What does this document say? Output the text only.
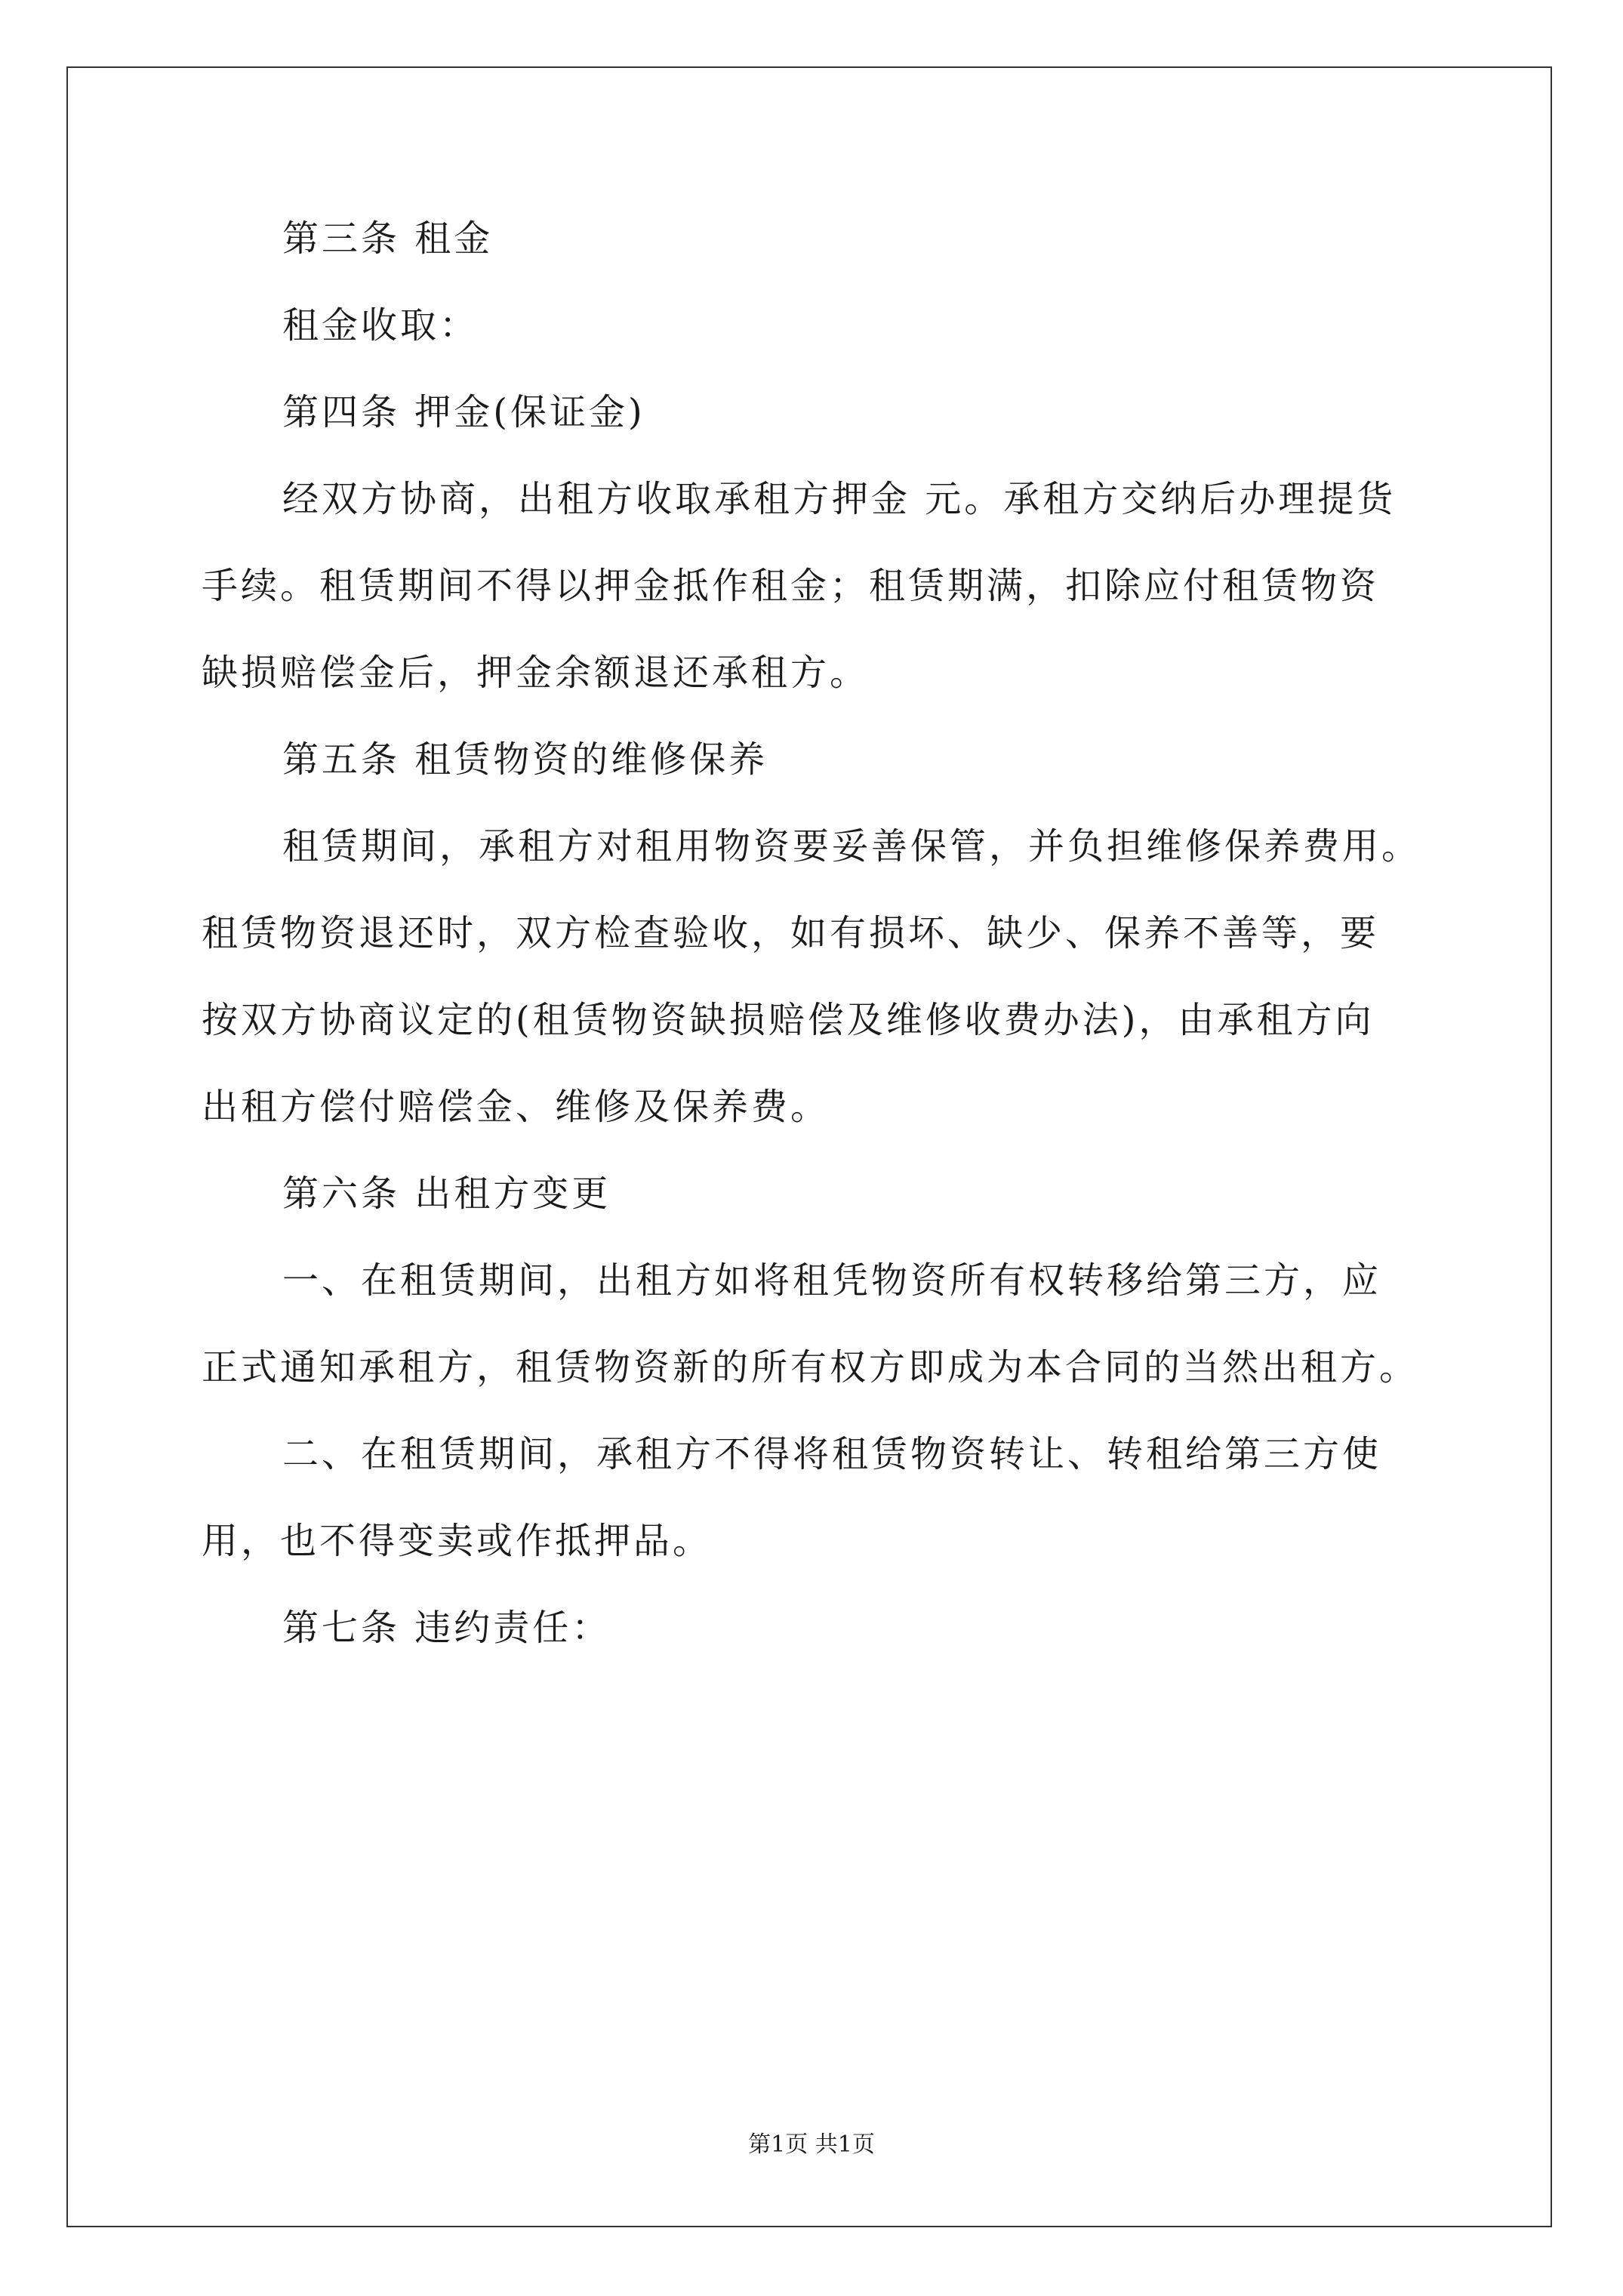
第三条 租金

租金收取：

第四条 押金(保证金)

经双方协商，出租方收取承租方押金 元。承租方交纳后办理提货

手续。租赁期间不得以押金抵作租金；租赁期满，扣除应付租赁物资

缺损赔偿金后，押金余额退还承租方。

第五条 租赁物资的维修保养

租赁期间，承租方对租用物资要妥善保管，并负担维修保养费用。

租赁物资退还时，双方检查验收，如有损坏、缺少、保养不善等，要

按双方协商议定的(租赁物资缺损赔偿及维修收费办法)，由承租方向

出租方偿付赔偿金、维修及保养费。

第六条 出租方变更

一、在租赁期间，出租方如将租凭物资所有权转移给第三方，应

正式通知承租方，租赁物资新的所有权方即成为本合同的当然出租方。

二、在租赁期间，承租方不得将租赁物资转让、转租给第三方使

用，也不得变卖或作抵押品。

第七条 违约责任：

第1页 共1页
